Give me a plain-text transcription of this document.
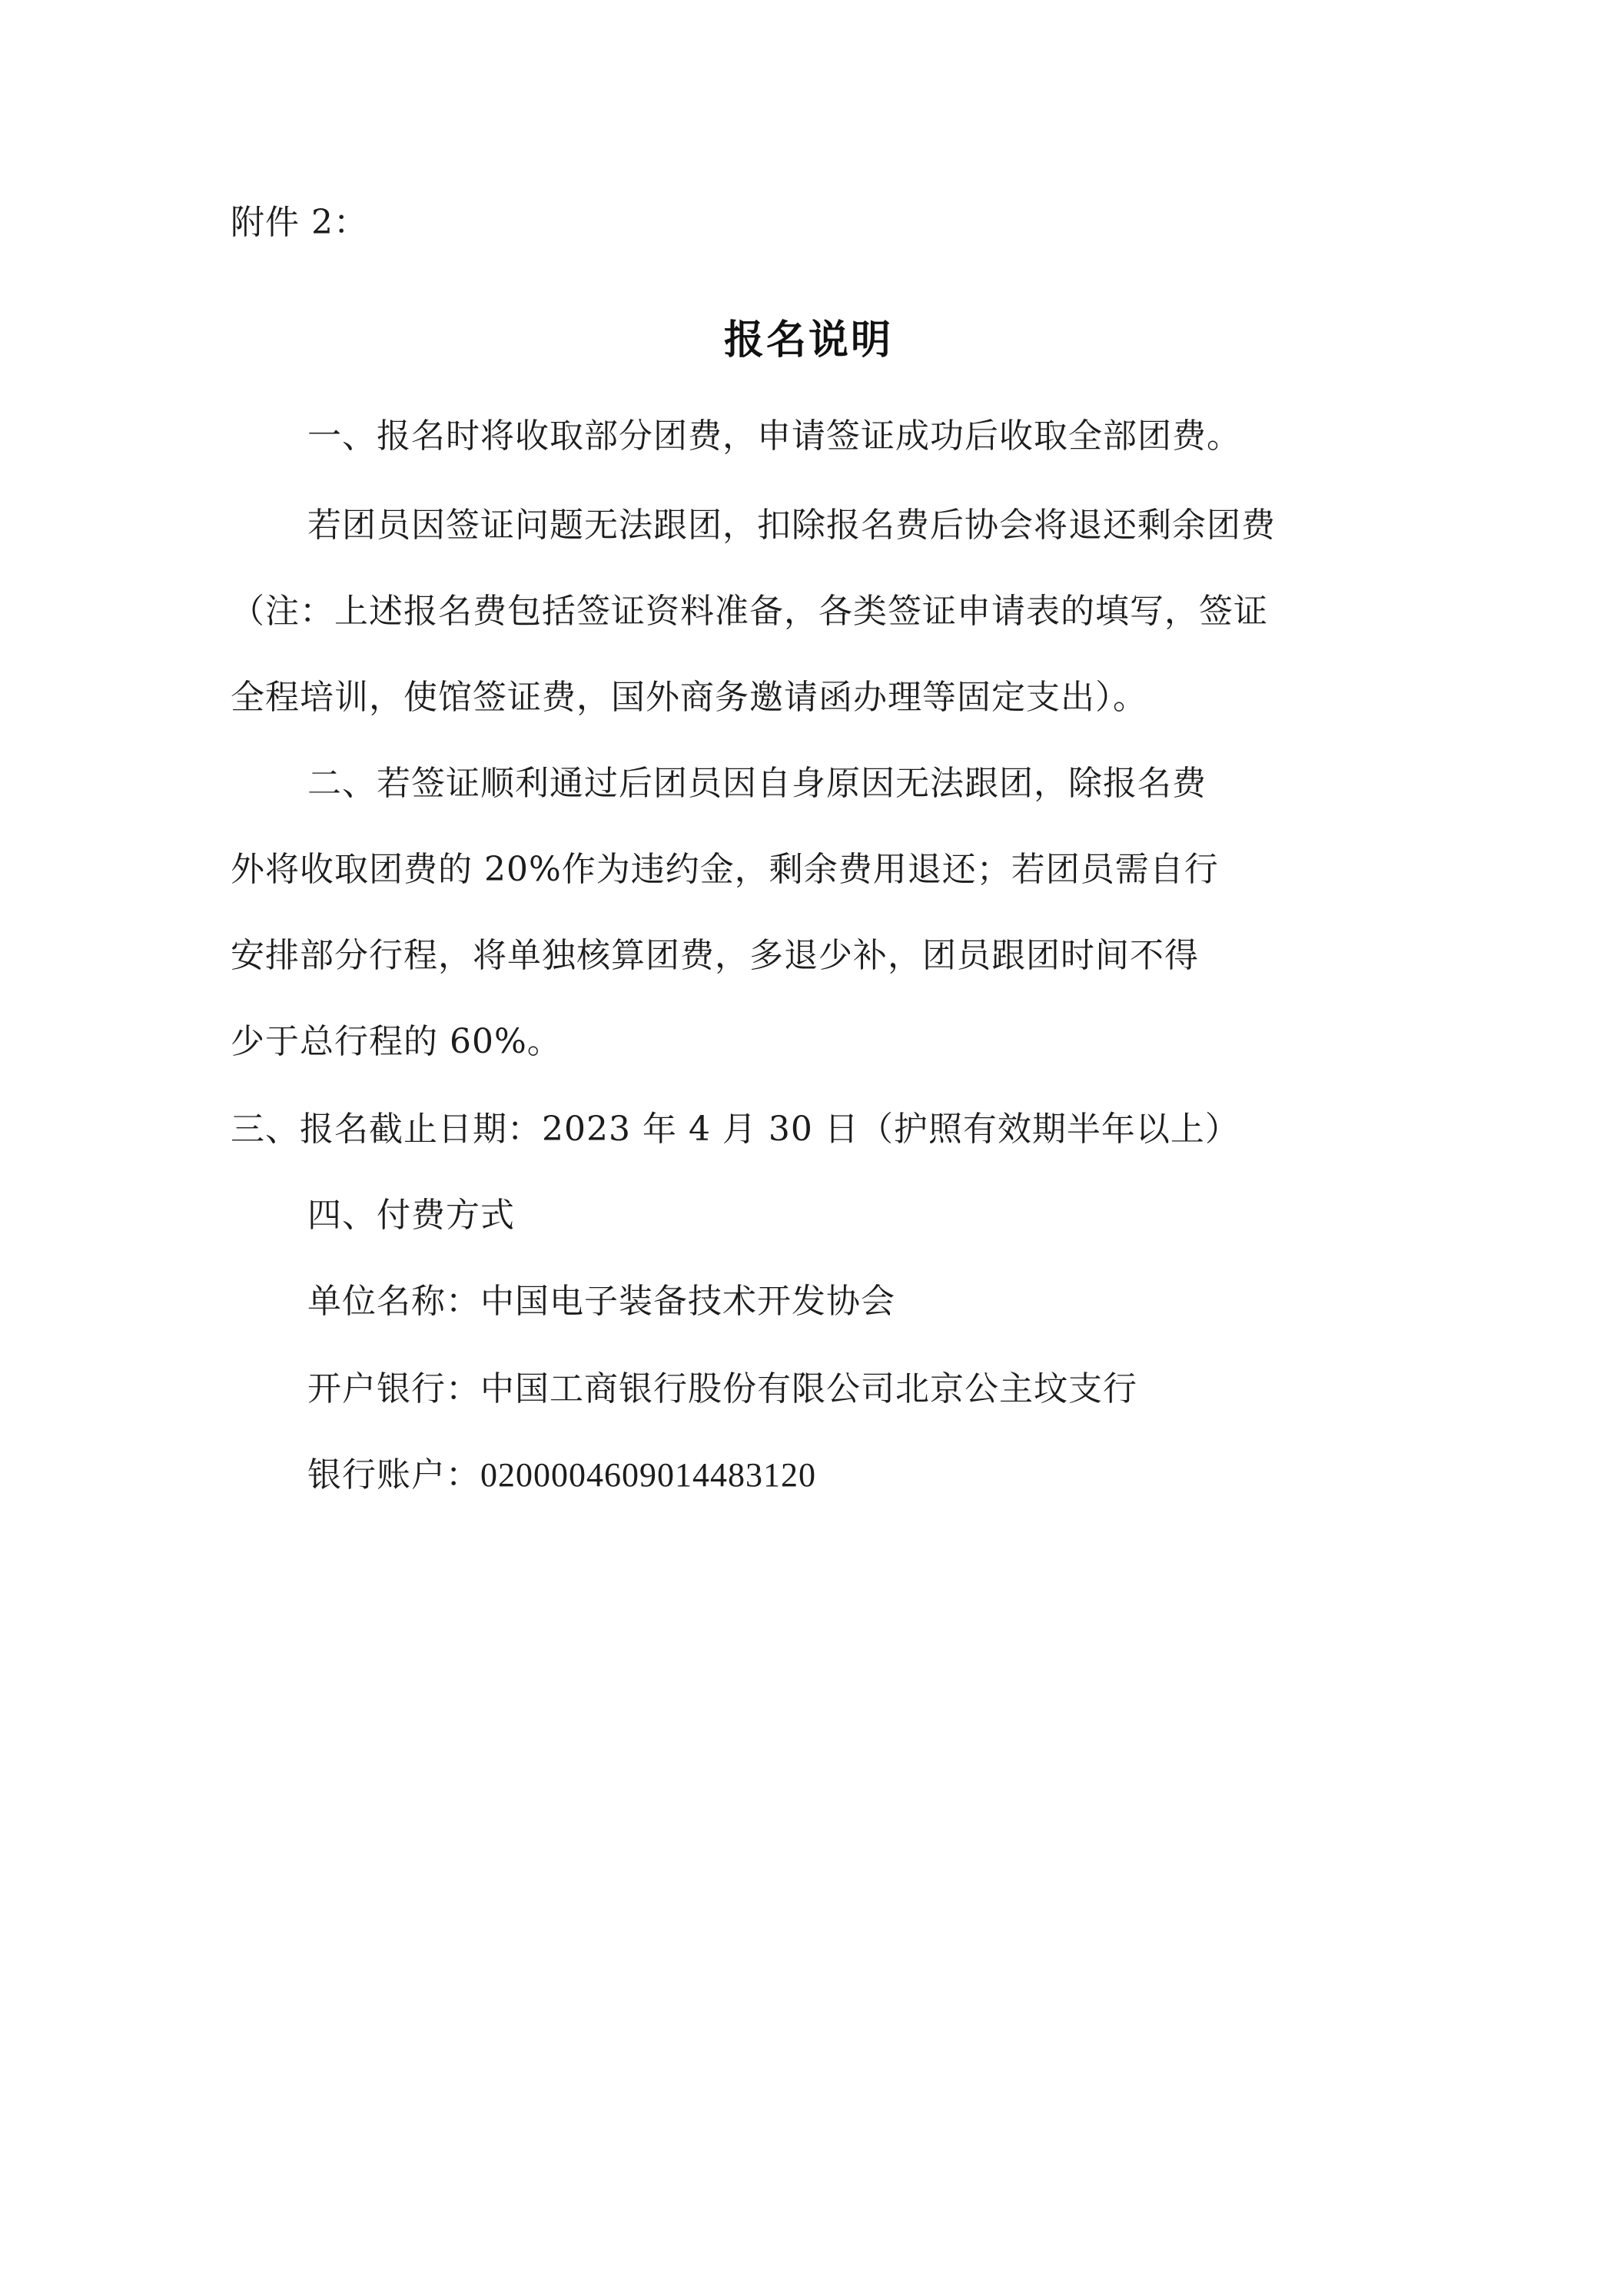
附件 2：
报名说明
一、报名时将收取部分团费，申请签证成功后收取全部团费。
若团员因签证问题无法跟团，扣除报名费后协会将退还剩余团费
（注：上述报名费包括签证资料准备，各类签证申请表的填写，签证
全程培训，使馆签证费，国外商务邀请函办理等固定支出）。
二、若签证顺利通过后团员因自身原因无法跟团，除报名费
外将收取团费的 20%作为违约金，剩余费用退还；若团员需自行
安排部分行程，将单独核算团费，多退少补，团员跟团时间不得
少于总行程的 60%。
三、报名截止日期：2023 年 4 月 30 日（护照有效期半年以上）
四、付费方式
单位名称：中国电子装备技术开发协会
开户银行：中国工商银行股份有限公司北京公主坟支行
银行账户：0200004609014483120
